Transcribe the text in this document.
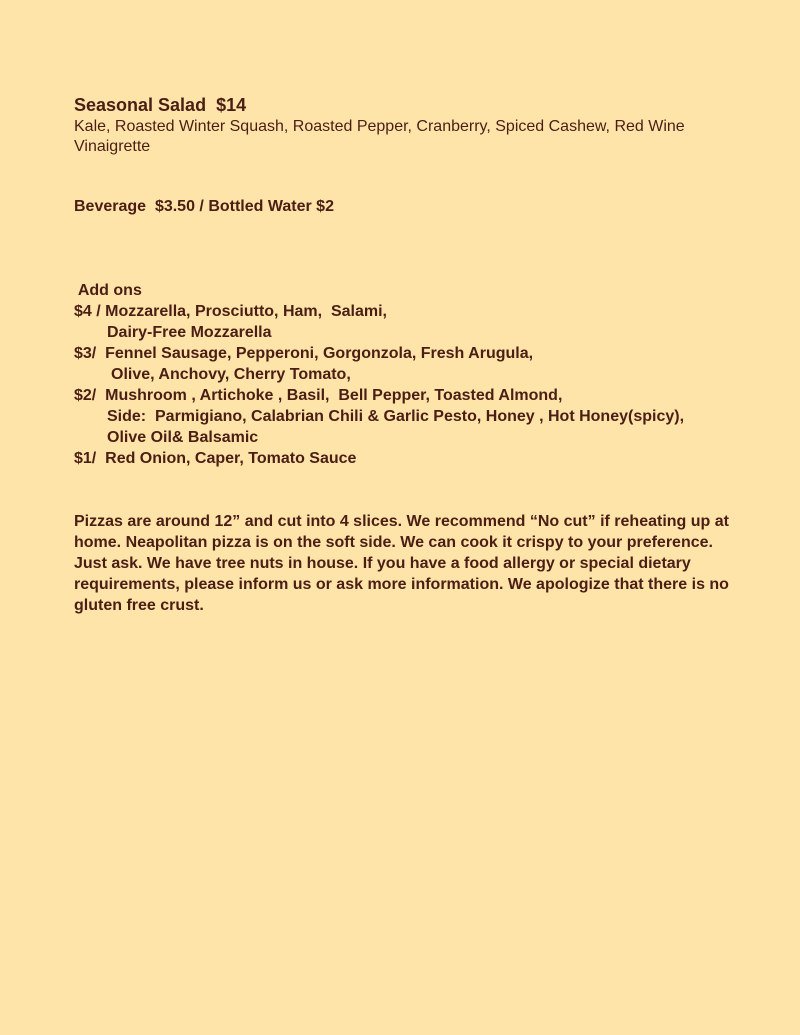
Seasonal Salad  $14

Kale, Roasted Winter Squash, Roasted Pepper, Cranberry, Spiced Cashew, Red Wine Vinaigrette

Beverage  $3.50 / Bottled Water $2

Add ons

$4 / Mozzarella, Prosciutto, Ham,  Salami,

Dairy-Free Mozzarella

$3/  Fennel Sausage, Pepperoni, Gorgonzola, Fresh Arugula,

Olive, Anchovy, Cherry Tomato,

$2/  Mushroom , Artichoke , Basil,  Bell Pepper, Toasted Almond,

Side:  Parmigiano, Calabrian Chili & Garlic Pesto, Honey , Hot Honey(spicy),

Olive Oil& Balsamic

$1/  Red Onion, Caper, Tomato Sauce

Pizzas are around 12” and cut into 4 slices. We recommend “No cut” if reheating up at home. Neapolitan pizza is on the soft side. We can cook it crispy to your preference. Just ask. We have tree nuts in house. If you have a food allergy or special dietary requirements, please inform us or ask more information. We apologize that there is no gluten free crust.
